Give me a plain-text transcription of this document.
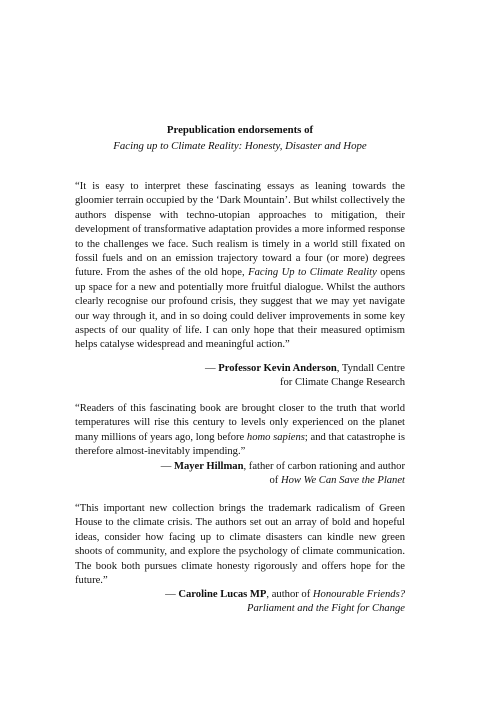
Prepublication endorsements of
Facing up to Climate Reality: Honesty, Disaster and Hope
“It is easy to interpret these fascinating essays as leaning towards the gloomier terrain occupied by the ‘Dark Mountain’. But whilst collectively the authors dispense with techno-utopian approaches to mitigation, their development of transformative adaptation provides a more informed response to the challenges we face. Such realism is timely in a world still fixated on fossil fuels and on an emission trajectory toward a four (or more) degrees future. From the ashes of the old hope, Facing Up to Climate Reality opens up space for a new and potentially more fruitful dialogue. Whilst the authors clearly recognise our profound crisis, they suggest that we may yet navigate our way through it, and in so doing could deliver improvements in some key aspects of our quality of life. I can only hope that their measured optimism helps catalyse widespread and meaningful action.”
— Professor Kevin Anderson, Tyndall Centre
for Climate Change Research
“Readers of this fascinating book are brought closer to the truth that world temperatures will rise this century to levels only experienced on the planet many millions of years ago, long before homo sapiens; and that catastrophe is therefore almost-inevitably impending.”
— Mayer Hillman, father of carbon rationing and author
of How We Can Save the Planet
“This important new collection brings the trademark radicalism of Green House to the climate crisis. The authors set out an array of bold and hopeful ideas, consider how facing up to climate disasters can kindle new green shoots of community, and explore the psychology of climate communication. The book both pursues climate honesty rigorously and offers hope for the future.”
— Caroline Lucas MP, author of Honourable Friends?
Parliament and the Fight for Change
